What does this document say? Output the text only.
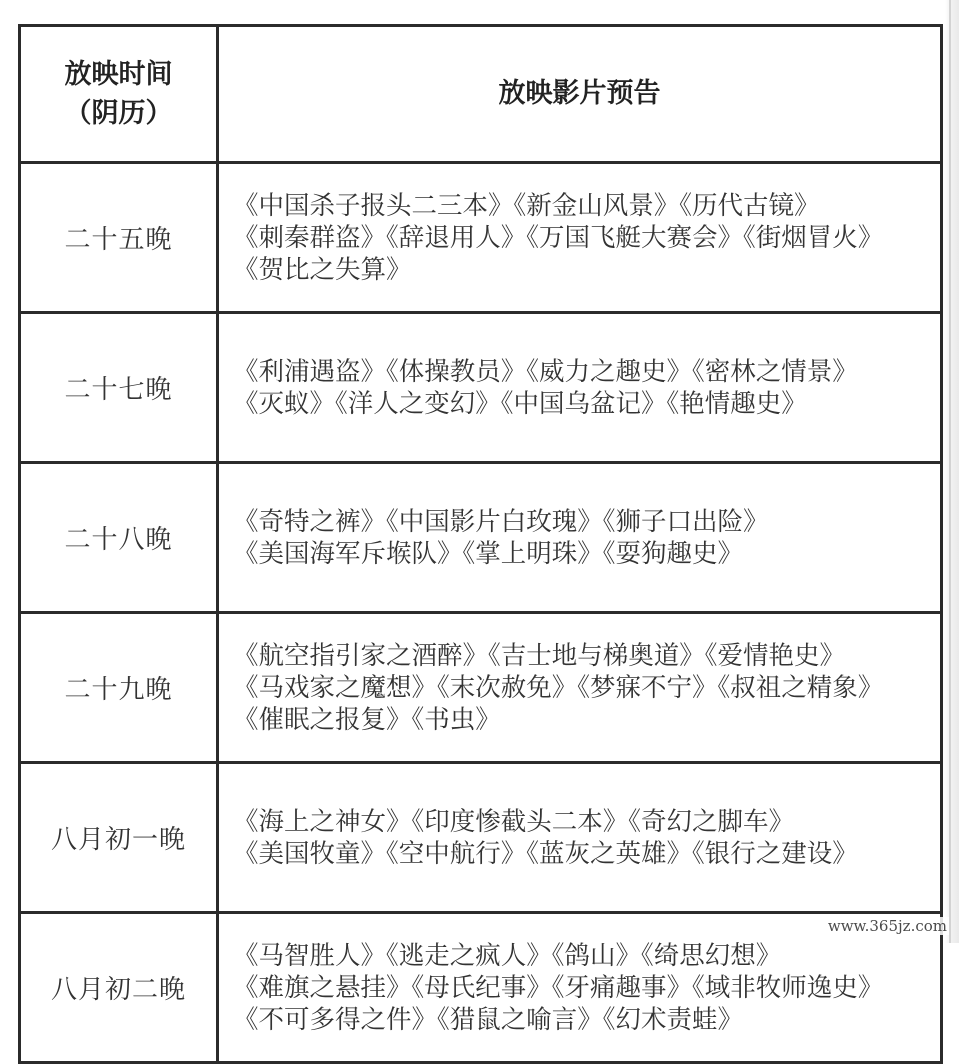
放映时间
（阴历）	放映影片预告
二十五晚	《中国杀子报头二三本》《新金山风景》《历代古镜》
《刺秦群盗》《辞退用人》《万国飞艇大赛会》《街烟冒火》
《贺比之失算》

二十七晚	《利浦遇盗》《体操教员》《威力之趣史》《密林之情景》
《灭蚁》《洋人之变幻》《中国乌盆记》《艳情趣史》

二十八晚	《奇特之裤》《中国影片白玫瑰》《狮子口出险》
《美国海军斥堠队》《掌上明珠》《耍狗趣史》

二十九晚	《航空指引家之酒醉》《吉士地与梯奥道》《爱情艳史》
《马戏家之魔想》《末次赦免》《梦寐不宁》《叔祖之精象》
《催眠之报复》《书虫》

八月初一晚	《海上之神女》《印度惨截头二本》《奇幻之脚车》
《美国牧童》《空中航行》《蓝灰之英雄》《银行之建设》

八月初二晚	《马智胜人》《逃走之疯人》《鸽山》《绮思幻想》
《难旗之悬挂》《母氏纪事》《牙痛趣事》《域非牧师逸史》
《不可多得之件》《猎鼠之喻言》《幻术责蛙》
www.365jz.com
